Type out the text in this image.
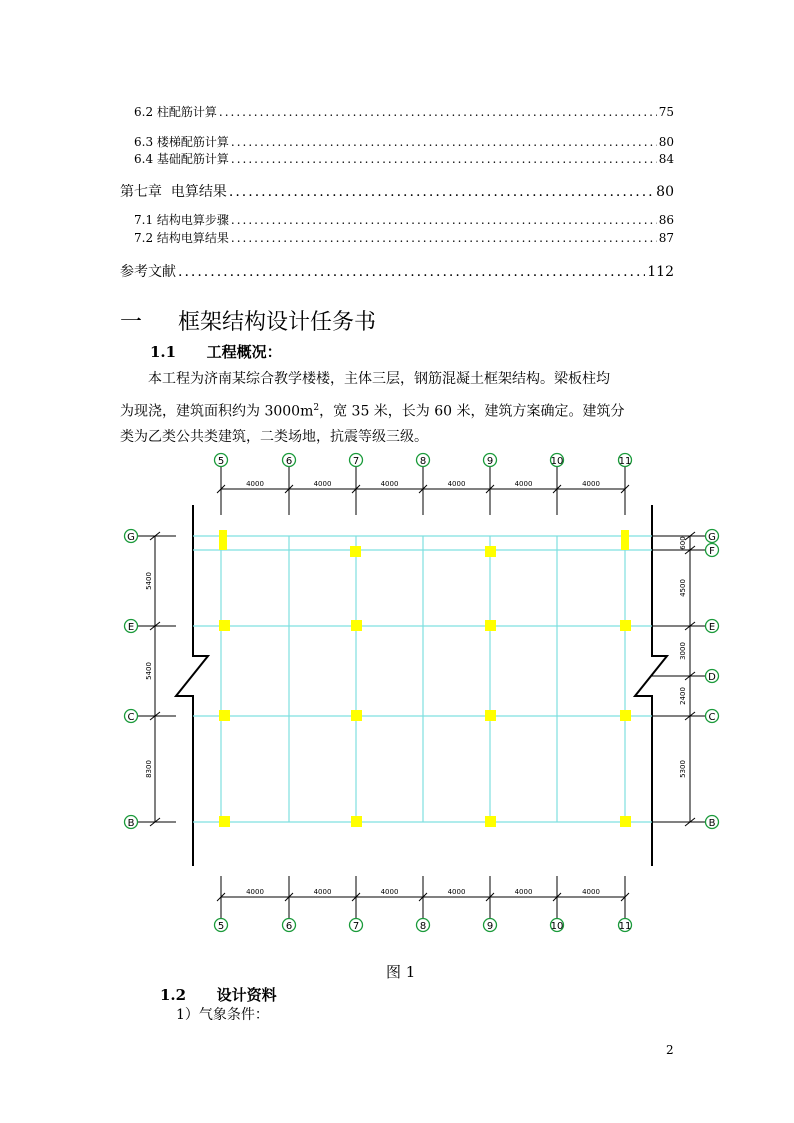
6.2 柱配筋计算 .....	75
6.3 楼梯配筋计算 .....	80
6.4 基础配筋计算 .....	84
第七章  电算结果 .....	80
7.1 结构电算步骤 .....	86
7.2 结构电算结果 .....	87
参考文献 .....	112
一 框架结构设计任务书
1.1 工程概况：
本工程为济南某综合教学楼楼，主体三层，钢筋混凝土框架结构。梁板柱均
为现浇，建筑面积约为 $3000m^2$，宽 35 米，长为 60 米，建筑方案确定。建筑分
类为乙类公共类建筑，二类场地，抗震等级三级。
G
E
C
B
5400
5400
8300
G
F
E
D
C
B
600
4500
3000
2400
5300
5	6	7	8	9	10	11
4000	4000	4000	4000	4000	4000
5	6	7	8	9	10	11
4000	4000	4000	4000	4000	4000
图 1
1.2 设计资料
1）气象条件：
2
